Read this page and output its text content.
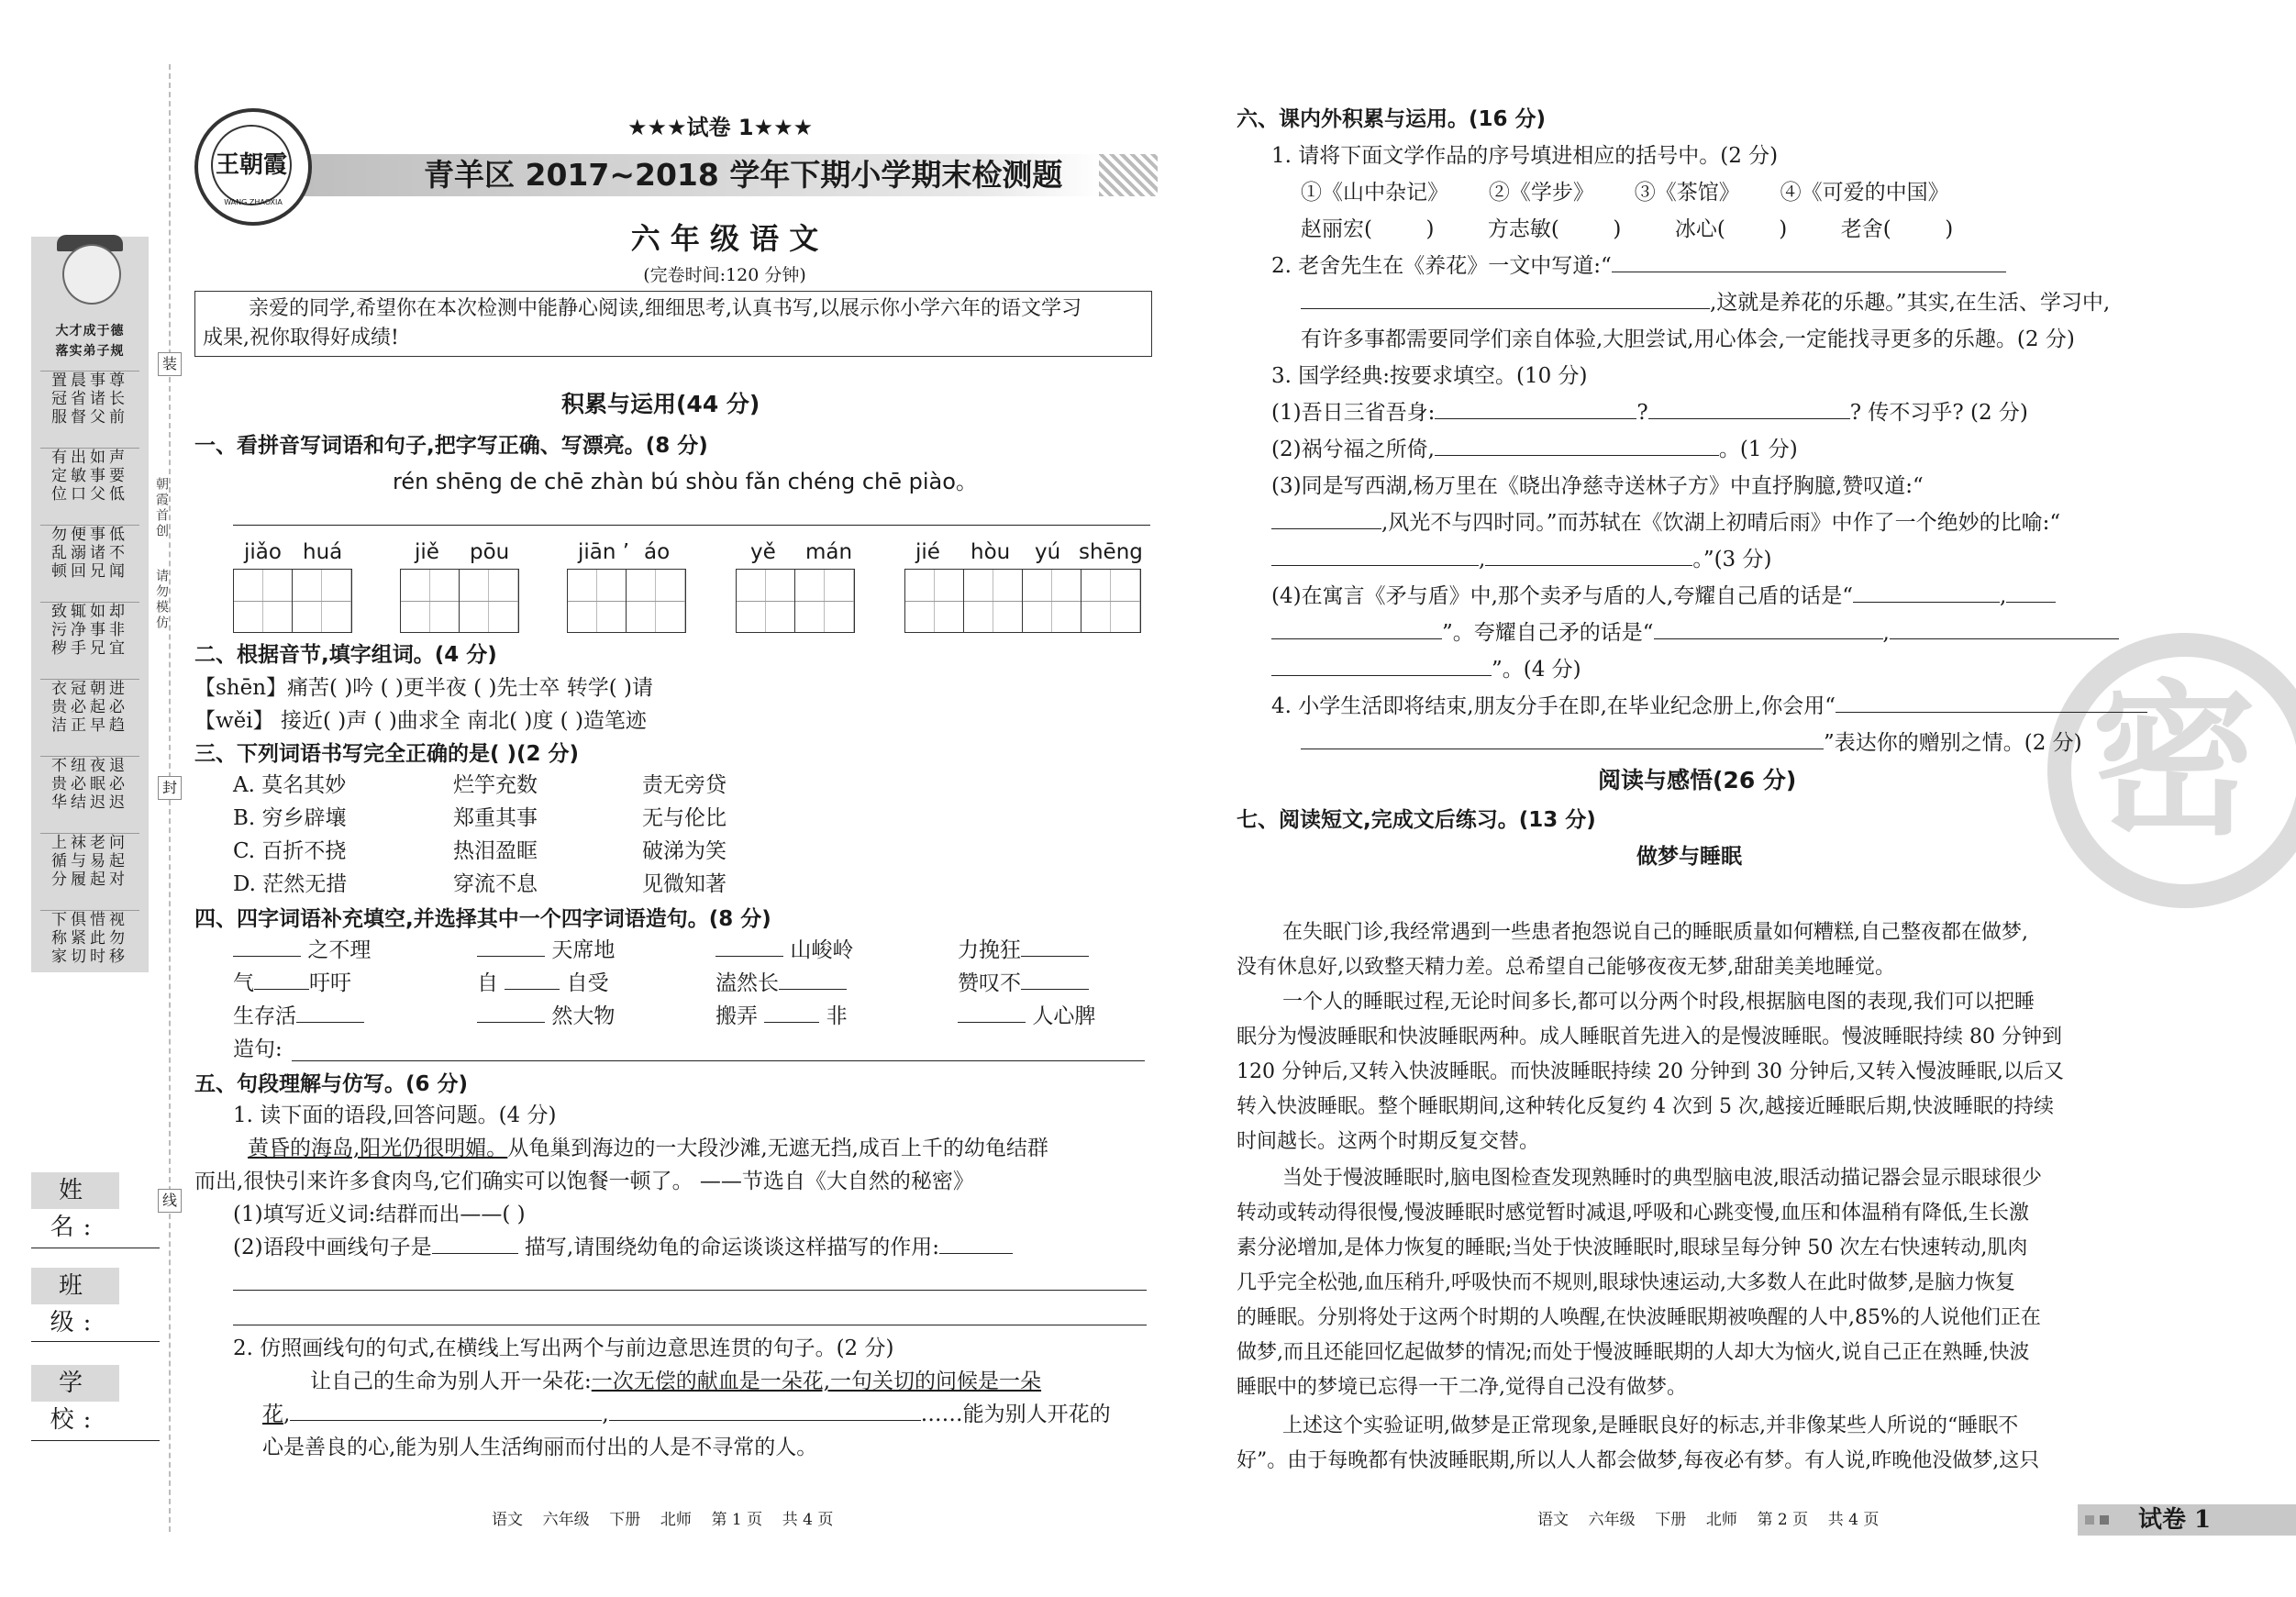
大才成于德
落实弟子规
置晨事尊
冠省诸长
服督父前
有出如声
定敏事要
位口父低
勿便事低
乱溺诸不
顿回兄闻
致辄如却
污净事非
秽手兄宜
衣冠朝进
贵必起必
洁正早趋
不纽夜退
贵必眠必
华结迟迟
上袜老问
循与易起
分履起对
下俱惜视
称紧此勿
家切时移
装
封
线
朝霞首创
请勿模仿
姓 名:
班 级:
学 校:
王朝霞
WANG ZHAOXIA
★★★试卷 1★★★
青羊区 2017~2018 学年下期小学期末检测题
六 年 级 语 文
(完卷时间:120 分钟)
亲爱的同学,希望你在本次检测中能静心阅读,细细思考,认真书写,以展示你小学六年的语文学习
成果,祝你取得好成绩!
积累与运用(44 分)
一、看拼音写词语和句子,把字写正确、写漂亮。(8 分)
rén shēng de chē zhàn bú shòu fǎn chéng chē piào。
jiǎo huá	jiě pōu	jiān ’ áo	yě mán	jié hòu yú shēng
二、根据音节,填字组词。(4 分)
【shēn】痛苦( )吟 ( )更半夜 ( )先士卒 转学( )请
【wěi】 接近( )声 ( )曲求全 南北( )度 ( )造笔迹
三、下列词语书写完全正确的是( )(2 分)
A. 莫名其妙	烂竽充数	责无旁贷
B. 穷乡辟壤	郑重其事	无与伦比
C. 百折不挠	热泪盈眶	破涕为笑
D. 茫然无措	穿流不息	见微知著
四、四字词语补充填空,并选择其中一个四字词语造句。(8 分)
之不理	天席地	山峻岭	力挽狂
气	吁吁	自	自受	溘然长	赞叹不
生存活	然大物	搬弄	非	人心脾
造句:
五、句段理解与仿写。(6 分)
1. 读下面的语段,回答问题。(4 分)
黄昏的海岛,阳光仍很明媚。从龟巢到海边的一大段沙滩,无遮无挡,成百上千的幼龟结群
而出,很快引来许多食肉鸟,它们确实可以饱餐一顿了。 ——节选自《大自然的秘密》
(1)填写近义词:结群而出——( )
(2)语段中画线句子是	描写,请围绕幼龟的命运谈谈这样描写的作用:
2. 仿照画线句的句式,在横线上写出两个与前边意思连贯的句子。(2 分)
让自己的生命为别人开一朵花:一次无偿的献血是一朵花,一句关切的问候是一朵
花,	,	……能为别人开花的
心是善良的心,能为别人生活绚丽而付出的人是不寻常的人。
语文    六年级    下册    北师    第 1 页    共 4 页
密
六、课内外积累与运用。(16 分)
1. 请将下面文学作品的序号填进相应的括号中。(2 分)
①《山中杂记》      ②《学步》      ③《茶馆》      ④《可爱的中国》
赵丽宏(        )        方志敏(        )        冰心(        )        老舍(        )
2. 老舍先生在《养花》一文中写道:“
,这就是养花的乐趣。”其实,在生活、学习中,
有许多事都需要同学们亲自体验,大胆尝试,用心体会,一定能找寻更多的乐趣。(2 分)
3. 国学经典:按要求填空。(10 分)
(1)吾日三省吾身:	?	? 传不习乎? (2 分)
(2)祸兮福之所倚,	。(1 分)
(3)同是写西湖,杨万里在《晓出净慈寺送林子方》中直抒胸臆,赞叹道:“
,风光不与四时同。”而苏轼在《饮湖上初晴后雨》中作了一个绝妙的比喻:“
,	。”(3 分)
(4)在寓言《矛与盾》中,那个卖矛与盾的人,夸耀自己盾的话是“	,
”。夸耀自己矛的话是“	,
”。(4 分)
4. 小学生活即将结束,朋友分手在即,在毕业纪念册上,你会用“
”表达你的赠别之情。(2 分)
阅读与感悟(26 分)
七、阅读短文,完成文后练习。(13 分)
做梦与睡眠
在失眠门诊,我经常遇到一些患者抱怨说自己的睡眠质量如何糟糕,自己整夜都在做梦,
没有休息好,以致整天精力差。总希望自己能够夜夜无梦,甜甜美美地睡觉。
一个人的睡眠过程,无论时间多长,都可以分两个时段,根据脑电图的表现,我们可以把睡
眠分为慢波睡眠和快波睡眠两种。成人睡眠首先进入的是慢波睡眠。慢波睡眠持续 80 分钟到
120 分钟后,又转入快波睡眠。而快波睡眠持续 20 分钟到 30 分钟后,又转入慢波睡眠,以后又
转入快波睡眠。整个睡眠期间,这种转化反复约 4 次到 5 次,越接近睡眠后期,快波睡眠的持续
时间越长。这两个时期反复交替。
当处于慢波睡眠时,脑电图检查发现熟睡时的典型脑电波,眼活动描记器会显示眼球很少
转动或转动得很慢,慢波睡眠时感觉暂时减退,呼吸和心跳变慢,血压和体温稍有降低,生长激
素分泌增加,是体力恢复的睡眠;当处于快波睡眠时,眼球呈每分钟 50 次左右快速转动,肌肉
几乎完全松弛,血压稍升,呼吸快而不规则,眼球快速运动,大多数人在此时做梦,是脑力恢复
的睡眠。分别将处于这两个时期的人唤醒,在快波睡眠期被唤醒的人中,85%的人说他们正在
做梦,而且还能回忆起做梦的情况;而处于慢波睡眠期的人却大为恼火,说自己正在熟睡,快波
睡眠中的梦境已忘得一干二净,觉得自己没有做梦。
上述这个实验证明,做梦是正常现象,是睡眠良好的标志,并非像某些人所说的“睡眠不
好”。由于每晚都有快波睡眠期,所以人人都会做梦,每夜必有梦。有人说,昨晚他没做梦,这只
语文    六年级    下册    北师    第 2 页    共 4 页	试卷 1
